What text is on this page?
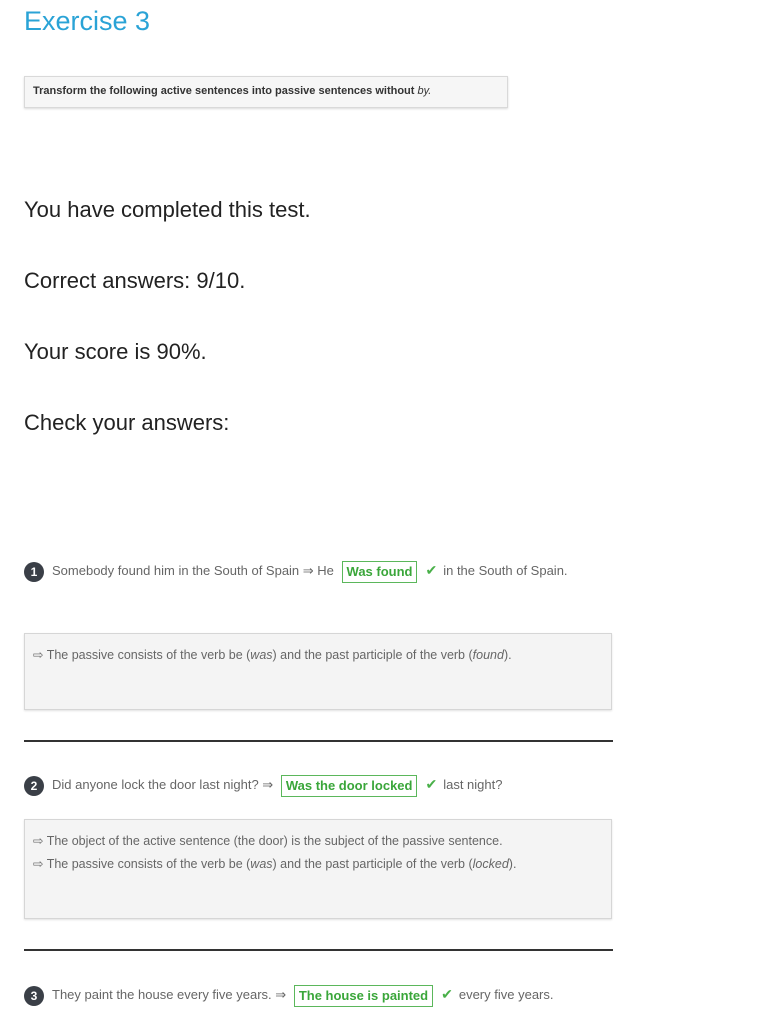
Exercise 3
Transform the following active sentences into passive sentences without by.
You have completed this test.
Correct answers: 9/10.
Your score is 90%.
Check your answers:
1 Somebody found him in the South of Spain ⇒ He Was found ✔ in the South of Spain.
⇨ The passive consists of the verb be (was) and the past participle of the verb (found).
2 Did anyone lock the door last night? ⇒ Was the door locked ✔ last night?
⇨ The object of the active sentence (the door) is the subject of the passive sentence.
⇨ The passive consists of the verb be (was) and the past participle of the verb (locked).
3 They paint the house every five years. ⇒ The house is painted ✔ every five years.
